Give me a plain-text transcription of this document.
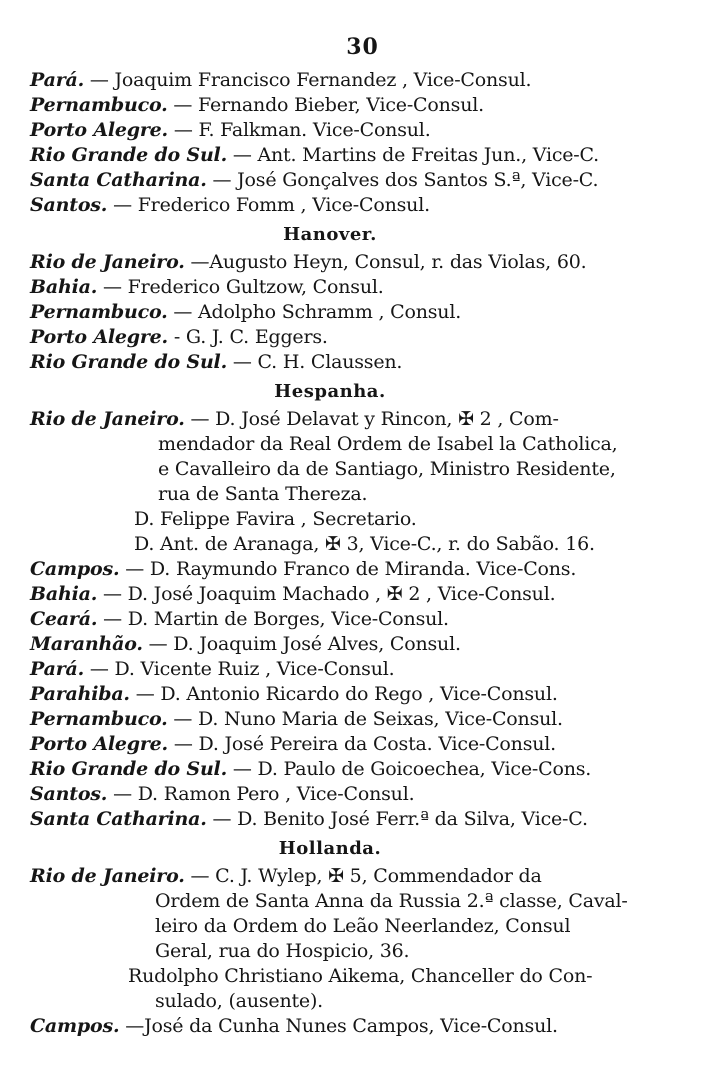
30
Pará. — Joaquim Francisco Fernandez , Vice-Consul.
Pernambuco. — Fernando Bieber, Vice-Consul.
Porto Alegre. — F. Falkman. Vice-Consul.
Rio Grande do Sul. — Ant. Martins de Freitas Jun., Vice-C.
Santa Catharina. — José Gonçalves dos Santos S.ª, Vice-C.
Santos. — Frederico Fomm , Vice-Consul.
Hanover.
Rio de Janeiro. —Augusto Heyn, Consul, r. das Violas, 60.
Bahia. — Frederico Gultzow, Consul.
Pernambuco. — Adolpho Schramm , Consul.
Porto Alegre. - G. J. C. Eggers.
Rio Grande do Sul. — C. H. Claussen.
Hespanha.
Rio de Janeiro. — D. José Delavat y Rincon, ✠ 2 , Com-
mendador da Real Ordem de Isabel la Catholica,
e Cavalleiro da de Santiago, Ministro Residente,
rua de Santa Thereza.
D. Felippe Favira , Secretario.
D. Ant. de Aranaga, ✠ 3, Vice-C., r. do Sabão. 16.
Campos. — D. Raymundo Franco de Miranda. Vice-Cons.
Bahia. — D. José Joaquim Machado , ✠ 2 , Vice-Consul.
Ceará. — D. Martin de Borges, Vice-Consul.
Maranhão. — D. Joaquim José Alves, Consul.
Pará. — D. Vicente Ruiz , Vice-Consul.
Parahiba. — D. Antonio Ricardo do Rego , Vice-Consul.
Pernambuco. — D. Nuno Maria de Seixas, Vice-Consul.
Porto Alegre. — D. José Pereira da Costa. Vice-Consul.
Rio Grande do Sul. — D. Paulo de Goicoechea, Vice-Cons.
Santos. — D. Ramon Pero , Vice-Consul.
Santa Catharina. — D. Benito José Ferr.ª da Silva, Vice-C.
Hollanda.
Rio de Janeiro. — C. J. Wylep, ✠ 5, Commendador da
Ordem de Santa Anna da Russia 2.ª classe, Caval-
leiro da Ordem do Leão Neerlandez, Consul
Geral, rua do Hospicio, 36.
Rudolpho Christiano Aikema, Chanceller do Con-
sulado, (ausente).
Campos. —José da Cunha Nunes Campos, Vice-Consul.
